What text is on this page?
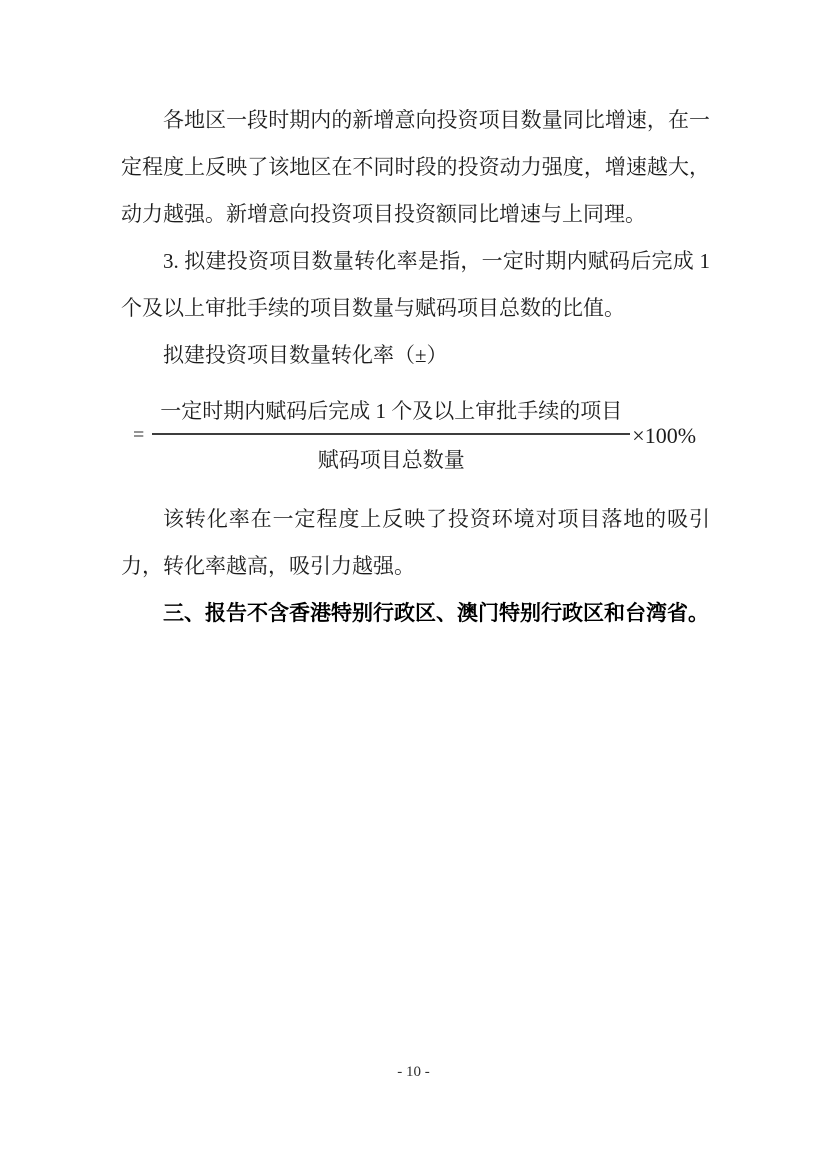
各地区一段时期内的新增意向投资项目数量同比增速，在一定程度上反映了该地区在不同时段的投资动力强度，增速越大，动力越强。新增意向投资项目投资额同比增速与上同理。

3. 拟建投资项目数量转化率是指，一定时期内赋码后完成 1 个及以上审批手续的项目数量与赋码项目总数的比值。

拟建投资项目数量转化率（±）

= $\frac{\text{一定时期内赋码后完成 1 个及以上审批手续的项目}}{\text{赋码项目总数量}} \times 100\%$

该转化率在一定程度上反映了投资环境对项目落地的吸引力，转化率越高，吸引力越强。

三、报告不含香港特别行政区、澳门特别行政区和台湾省。

- 10 -
